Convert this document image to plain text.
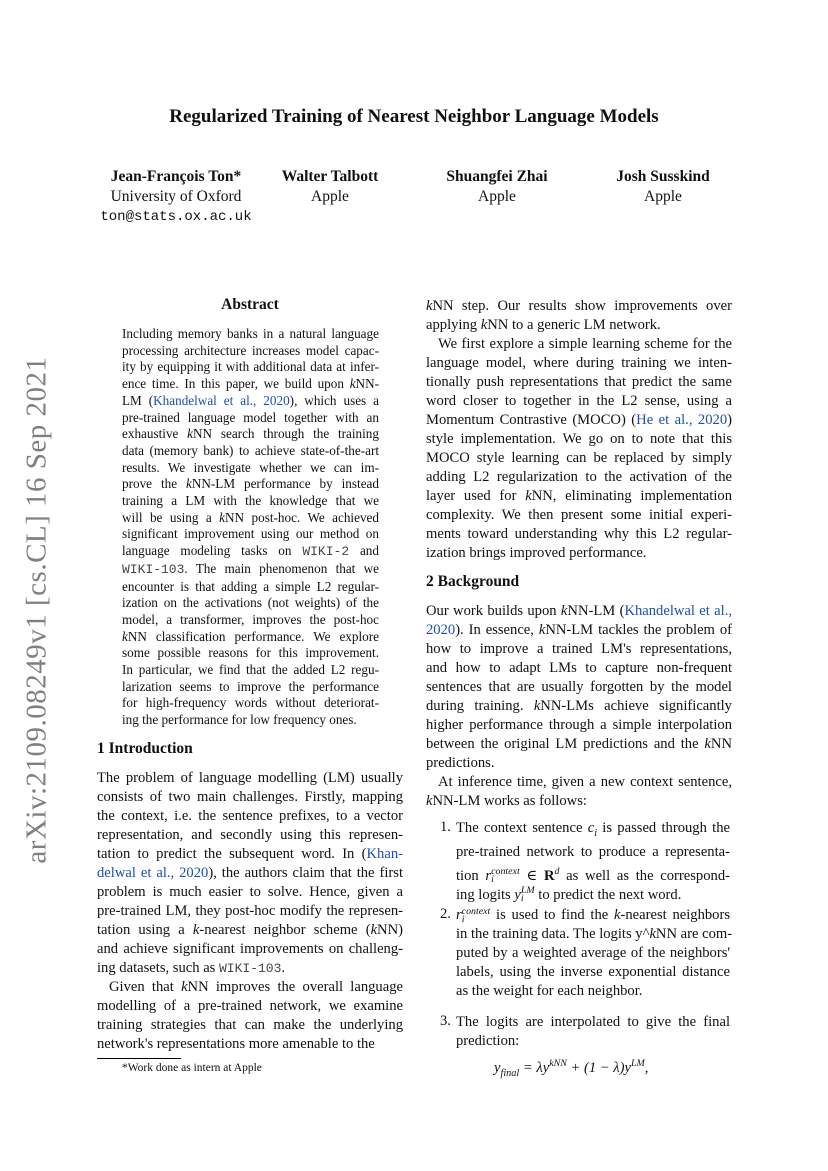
Regularized Training of Nearest Neighbor Language Models
Jean-François Ton*
University of Oxford
ton@stats.ox.ac.uk
Walter Talbott
Apple
Shuangfei Zhai
Apple
Josh Susskind
Apple
arXiv:2109.08249v1 [cs.CL] 16 Sep 2021
Abstract
Including memory banks in a natural language
processing architecture increases model capac-
ity by equipping it with additional data at infer-
ence time. In this paper, we build upon kNN-
LM (Khandelwal et al., 2020), which uses a
pre-trained language model together with an
exhaustive kNN search through the training
data (memory bank) to achieve state-of-the-art
results. We investigate whether we can im-
prove the kNN-LM performance by instead
training a LM with the knowledge that we
will be using a kNN post-hoc. We achieved
significant improvement using our method on
language modeling tasks on WIKI-2 and
WIKI-103. The main phenomenon that we
encounter is that adding a simple L2 regular-
ization on the activations (not weights) of the
model, a transformer, improves the post-hoc
kNN classification performance. We explore
some possible reasons for this improvement.
In particular, we find that the added L2 regu-
larization seems to improve the performance
for high-frequency words without deteriorat-
ing the performance for low frequency ones.
1 Introduction
The problem of language modelling (LM) usually
consists of two main challenges. Firstly, mapping
the context, i.e. the sentence prefixes, to a vector
representation, and secondly using this represen-
tation to predict the subsequent word. In (Khan-
delwal et al., 2020), the authors claim that the first
problem is much easier to solve. Hence, given a
pre-trained LM, they post-hoc modify the represen-
tation using a k-nearest neighbor scheme (kNN)
and achieve significant improvements on challeng-
ing datasets, such as WIKI-103.
Given that kNN improves the overall language
modelling of a pre-trained network, we examine
training strategies that can make the underlying
network's representations more amenable to the
*Work done as intern at Apple
kNN step. Our results show improvements over
applying kNN to a generic LM network.
We first explore a simple learning scheme for the
language model, where during training we inten-
tionally push representations that predict the same
word closer to together in the L2 sense, using a
Momentum Contrastive (MOCO) (He et al., 2020)
style implementation. We go on to note that this
MOCO style learning can be replaced by simply
adding L2 regularization to the activation of the
layer used for kNN, eliminating implementation
complexity. We then present some initial experi-
ments toward understanding why this L2 regular-
ization brings improved performance.
2 Background
Our work builds upon kNN-LM (Khandelwal et al.,
2020). In essence, kNN-LM tackles the problem of
how to improve a trained LM's representations,
and how to adapt LMs to capture non-frequent
sentences that are usually forgotten by the model
during training. kNN-LMs achieve significantly
higher performance through a simple interpolation
between the original LM predictions and the kNN
predictions.
At inference time, given a new context sentence,
kNN-LM works as follows:
1. The context sentence $c_i$ is passed through the
pre-trained network to produce a representa-
tion r context
i	∈ $R^d$ as well as the correspond-
ing logits y LM
i to predict the next word.
2. r context
i	is used to find the k-nearest neighbors
in the training data. The logits y^kNN are com-
puted by a weighted average of the neighbors'
labels, using the inverse exponential distance
as the weight for each neighbor.
3. The logits are interpolated to give the final
prediction:
$y_{final} = \lambda y^{kNN} + (1 - \lambda)y^{LM}$,
